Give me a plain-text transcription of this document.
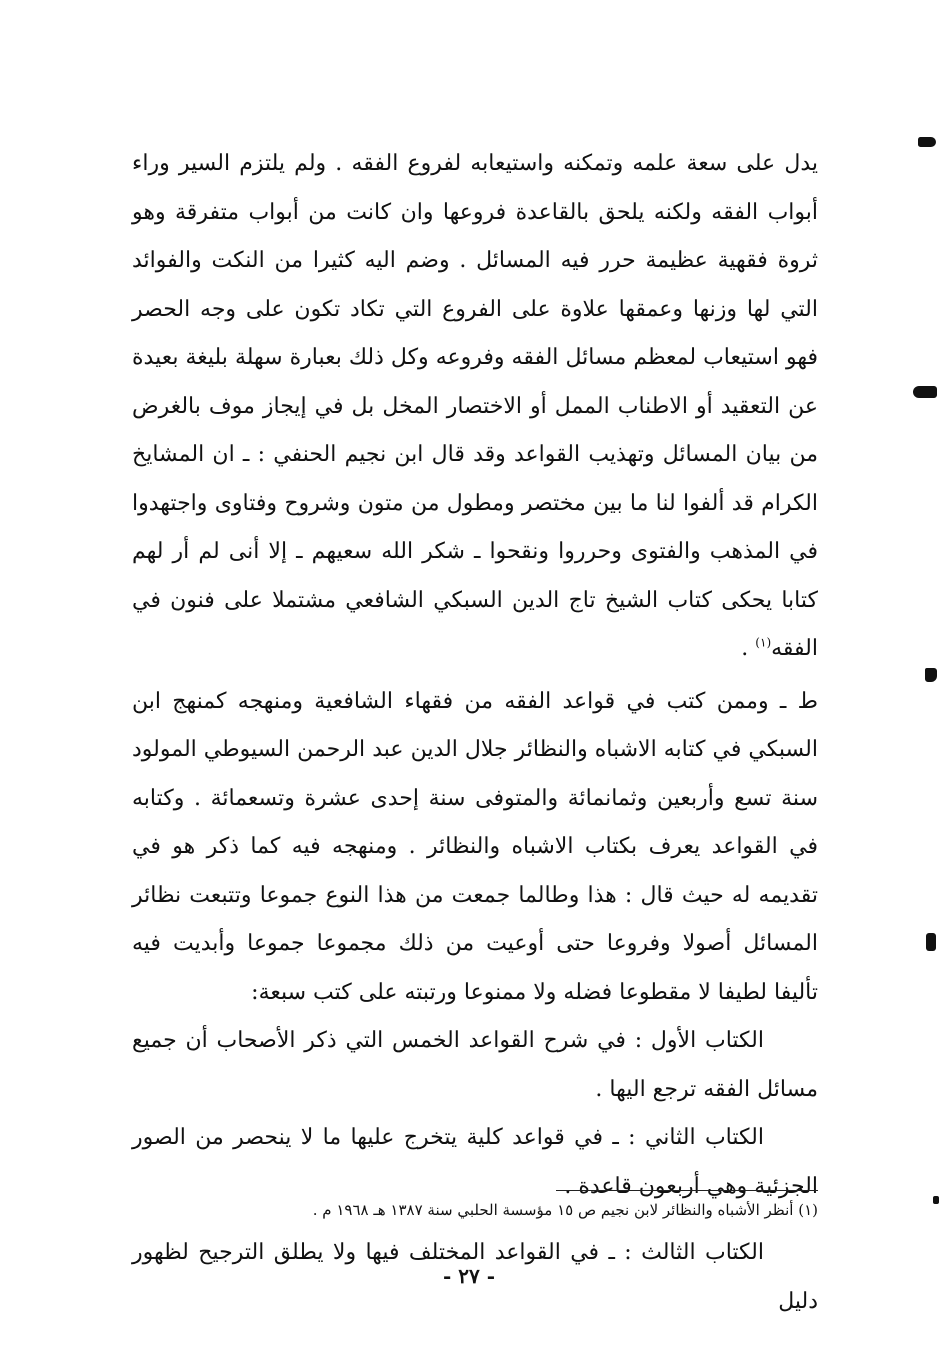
يدل على سعة علمه وتمكنه واستيعابه لفروع الفقه . ولم يلتزم السير وراء أبواب الفقه ولكنه يلحق بالقاعدة فروعها وان كانت من أبواب متفرقة وهو ثروة فقهية عظيمة حرر فيه المسائل . وضم اليه كثيرا من النكت والفوائد التي لها وزنها وعمقها علاوة على الفروع التي تكاد تكون على وجه الحصر فهو استيعاب لمعظم مسائل الفقه وفروعه وكل ذلك بعبارة سهلة بليغة بعيدة عن التعقيد أو الاطناب الممل أو الاختصار المخل بل في إيجاز موف بالغرض من بيان المسائل وتهذيب القواعد وقد قال ابن نجيم الحنفي : ـ ان المشايخ الكرام قد ألفوا لنا ما بين مختصر ومطول من متون وشروح وفتاوى واجتهدوا في المذهب والفتوى وحرروا ونقحوا ـ شكر الله سعيهم ـ إلا أنى لم أر لهم كتابا يحكى كتاب الشيخ تاج الدين السبكي الشافعي مشتملا على فنون في الفقه$^{(١)}$ .

ط ـ وممن كتب في قواعد الفقه من فقهاء الشافعية ومنهجه كمنهج ابن السبكي في كتابه الاشباه والنظائر جلال الدين عبد الرحمن السيوطي المولود سنة تسع وأربعين وثمانمائة والمتوفى سنة إحدى عشرة وتسعمائة . وكتابه في القواعد يعرف بكتاب الاشباه والنظائر . ومنهجه فيه كما ذكر هو في تقديمه له حيث قال : هذا وطالما جمعت من هذا النوع جموعا وتتبعت نظائر المسائل أصولا وفروعا حتى أوعيت من ذلك مجموعا جموعا وأبديت فيه تأليفا لطيفا لا مقطوعا فضله ولا ممنوعا ورتبته على كتب سبعة:

الكتاب الأول : في شرح القواعد الخمس التي ذكر الأصحاب أن جميع مسائل الفقه ترجع اليها .

الكتاب الثاني : ـ في قواعد كلية يتخرج عليها ما لا ينحصر من الصور الجزئية وهي أربعون قاعدة .

الكتاب الثالث : ـ في القواعد المختلف فيها ولا يطلق الترجيح لظهور دليل

(١) أنظر الأشباه والنظائر لابن نجيم ص ١٥ مؤسسة الحلبي سنة ١٣٨٧ هـ ١٩٦٨ م .
- ٢٧ -
